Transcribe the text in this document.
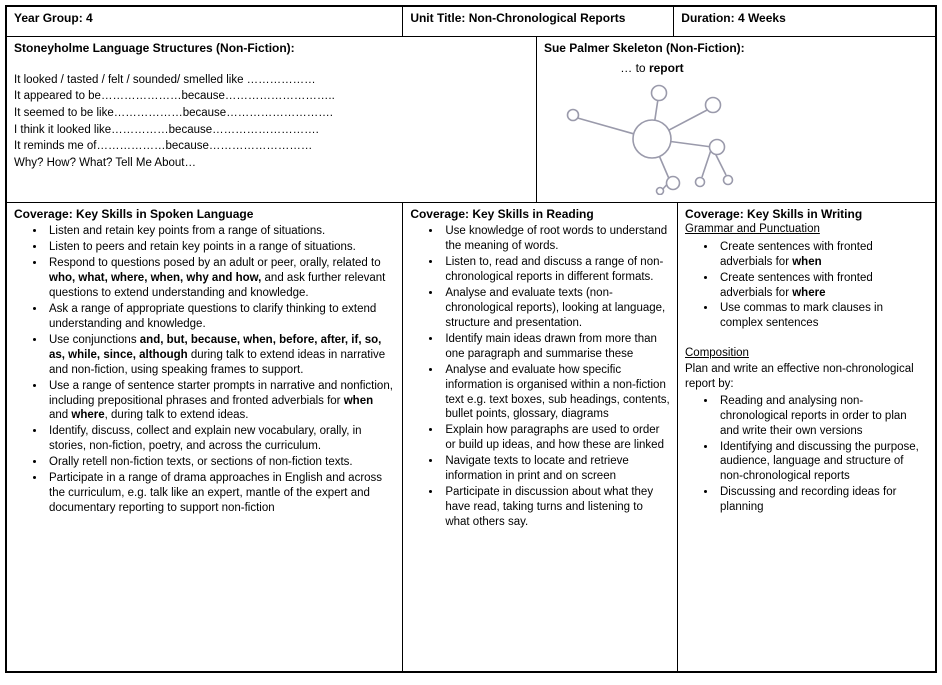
Year Group: 4	Unit Title: Non-Chronological Reports	Duration: 4 Weeks
Stoneyholme Language Structures (Non-Fiction):
It looked / tasted / felt / sounded/ smelled like ………………
It appeared to be…………………because………………………..
It seemed to be like………………because……………………….
I think it looked like……………because……………………….
It reminds me of………………because………………………
Why? How? What? Tell Me About…
Sue Palmer Skeleton (Non-Fiction):
… to report
Coverage: Key Skills in Spoken Language
• Listen and retain key points from a range of situations.
• Listen to peers and retain key points in a range of situations.
• Respond to questions posed by an adult or peer, orally, related to who, what, where, when, why and how, and ask further relevant questions to extend understanding and knowledge.
• Ask a range of appropriate questions to clarify thinking to extend understanding and knowledge.
• Use conjunctions and, but, because, when, before, after, if, so, as, while, since, although during talk to extend ideas in narrative and non-fiction, using speaking frames to support.
• Use a range of sentence starter prompts in narrative and nonfiction, including prepositional phrases and fronted adverbials for when and where, during talk to extend ideas.
• Identify, discuss, collect and explain new vocabulary, orally, in stories, non-fiction, poetry, and across the curriculum.
• Orally retell non-fiction texts, or sections of non-fiction texts.
• Participate in a range of drama approaches in English and across the curriculum, e.g. talk like an expert, mantle of the expert and documentary reporting to support non-fiction
Coverage: Key Skills in Reading
• Use knowledge of root words to understand the meaning of words.
• Listen to, read and discuss a range of non-chronological reports in different formats.
• Analyse and evaluate texts (non-chronological reports), looking at language, structure and presentation.
• Identify main ideas drawn from more than one paragraph and summarise these
• Analyse and evaluate how specific information is organised within a non-fiction text e.g. text boxes, sub headings, contents, bullet points, glossary, diagrams
• Explain how paragraphs are used to order or build up ideas, and how these are linked
• Navigate texts to locate and retrieve information in print and on screen
• Participate in discussion about what they have read, taking turns and listening to what others say.
Coverage: Key Skills in Writing
Grammar and Punctuation
• Create sentences with fronted adverbials for when
• Create sentences with fronted adverbials for where
• Use commas to mark clauses in complex sentences
Composition
Plan and write an effective non-chronological report by:
• Reading and analysing non-chronological reports in order to plan and write their own versions
• Identifying and discussing the purpose, audience, language and structure of non-chronological reports
• Discussing and recording ideas for planning
